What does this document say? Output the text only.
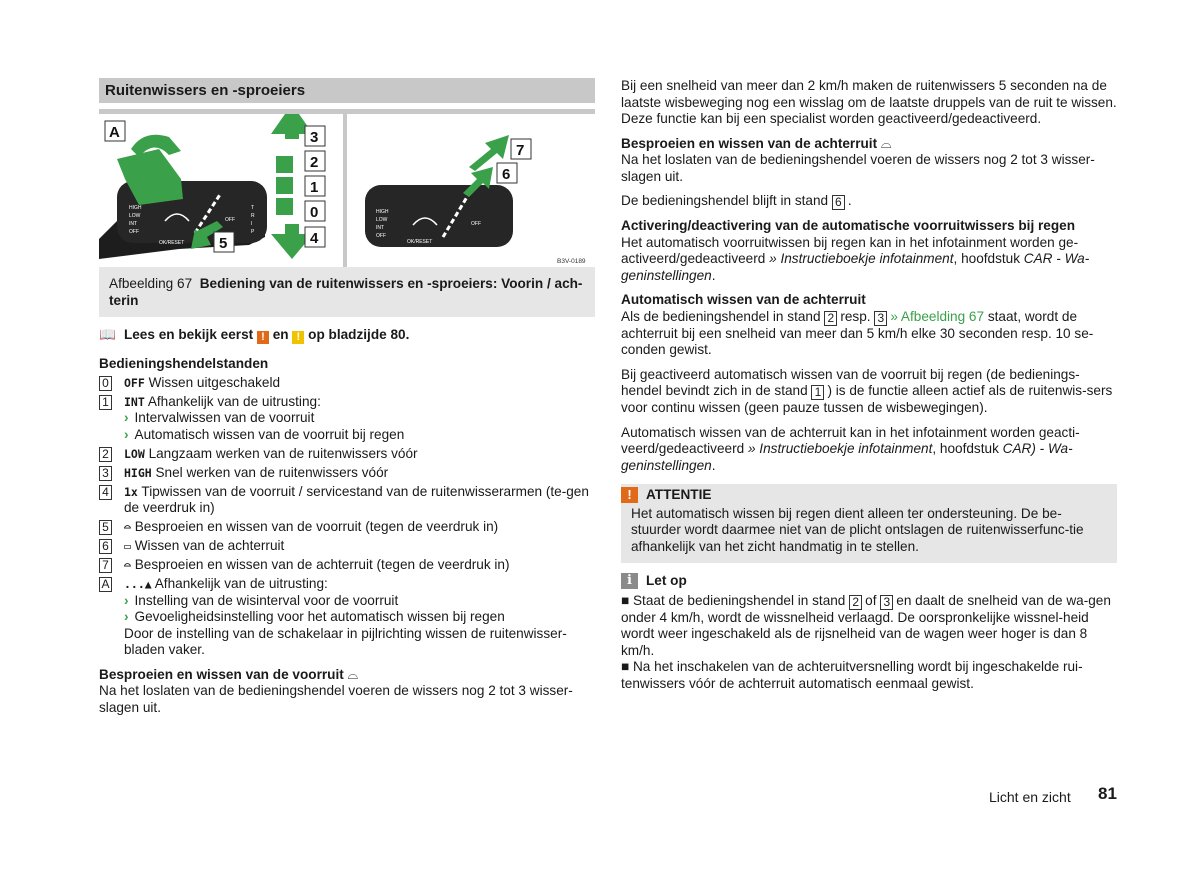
Ruitenwissers en -sproeiers
HIGH
LOW
INT
OFF
OK/RESET
OFF
T
R
I
P
A
5
3
2
1
0
4
HIGH
LOW
INT
OFF
OK/RESET
OFF
6
7
B3V-0189
Afbeelding 67 Bediening van de ruitenwissers en -sproeiers: Voorin / ach-terin

📖 Lees en bekijk eerst ! en ! op bladzijde 80.

Bedieningshendelstanden

0 OFF Wissen uitgeschakeld
1 INT Afhankelijk van de uitrusting:
› Intervalwissen van de voorruit
› Automatisch wissen van de voorruit bij regen
2 LOW Langzaam werken van de ruitenwissers vóór
3 HIGH Snel werken van de ruitenwissers vóór
4 1x Tipwissen van de voorruit / servicestand van de ruitenwisserarmen (te-gen de veerdruk in)
5 ⌓ Besproeien en wissen van de voorruit (tegen de veerdruk in)
6 ▭ Wissen van de achterruit
7 ⌓ Besproeien en wissen van de achterruit (tegen de veerdruk in)
A ...▲ Afhankelijk van de uitrusting:
› Instelling van de wisinterval voor de voorruit
› Gevoeligheidsinstelling voor het automatisch wissen bij regen
Door de instelling van de schakelaar in pijlrichting wissen de ruitenwisser-bladen vaker.

Besproeien en wissen van de voorruit ⌓

Na het loslaten van de bedieningshendel voeren de wissers nog 2 tot 3 wisser-slagen uit.

Bij een snelheid van meer dan 2 km/h maken de ruitenwissers 5 seconden na de laatste wisbeweging nog een wisslag om de laatste druppels van de ruit te wissen. Deze functie kan bij een specialist worden geactiveerd/gedeactiveerd.

Besproeien en wissen van de achterruit ⌓

Na het loslaten van de bedieningshendel voeren de wissers nog 2 tot 3 wisser-slagen uit.

De bedieningshendel blijft in stand 6 .

Activering/deactivering van de automatische voorruitwissers bij regen

Het automatisch voorruitwissen bij regen kan in het infotainment worden ge-activeerd/gedeactiveerd » Instructieboekje infotainment, hoofdstuk CAR - Wa-geninstellingen.

Automatisch wissen van de achterruit

Als de bedieningshendel in stand 2 resp. 3 » Afbeelding 67 staat, wordt de achterruit bij een snelheid van meer dan 5 km/h elke 30 seconden resp. 10 se-conden gewist.

Bij geactiveerd automatisch wissen van de voorruit bij regen (de bedienings-hendel bevindt zich in de stand 1 ) is de functie alleen actief als de ruitenwis-sers voor continu wissen (geen pauze tussen de wisbewegingen).

Automatisch wissen van de achterruit kan in het infotainment worden geacti-veerd/gedeactiveerd » Instructieboekje infotainment, hoofdstuk CAR) - Wa-geninstellingen.

!	ATTENTIE
Het automatisch wissen bij regen dient alleen ter ondersteuning. De be-stuurder wordt daarmee niet van de plicht ontslagen de ruitenwisserfunc-tie afhankelijk van het zicht handmatig in te stellen.
i	Let op

■ Staat de bedieningshendel in stand 2 of 3 en daalt de snelheid van de wa-gen onder 4 km/h, wordt de wissnelheid verlaagd. De oorspronkelijke wissnel-heid wordt weer ingeschakeld als de rijsnelheid van de wagen weer hoger is dan 8 km/h.

■ Na het inschakelen van de achteruitversnelling wordt bij ingeschakelde rui-tenwissers vóór de achterruit automatisch eenmaal gewist.

Licht en zicht 81
